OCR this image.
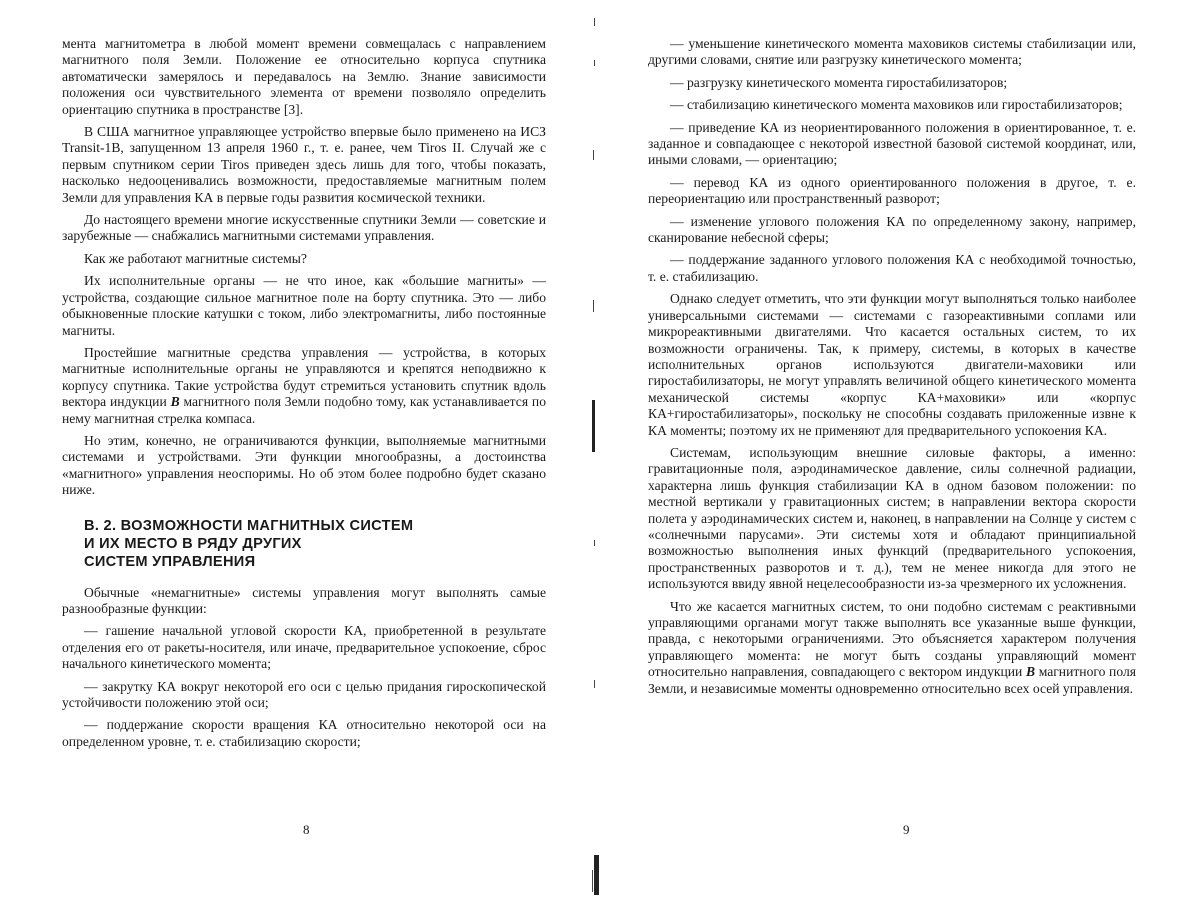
мента магнитометра в любой момент времени совмещалась с направлением магнитного поля Земли. Положение ее относительно корпуса спутника автоматически замерялось и передавалось на Землю. Знание зависимости положения оси чувствительного элемента от времени позволяло определить ориентацию спутника в пространстве [3].

В США магнитное управляющее устройство впервые было применено на ИСЗ Transit-1В, запущенном 13 апреля 1960 г., т. е. ранее, чем Tiros II. Случай же с первым спутником серии Tiros приведен здесь лишь для того, чтобы показать, насколько недооценивались возможности, предоставляемые магнитным полем Земли для управления КА в первые годы развития космической техники.

До настоящего времени многие искусственные спутники Земли — советские и зарубежные — снабжались магнитными системами управления.

Как же работают магнитные системы?

Их исполнительные органы — не что иное, как «большие магниты» — устройства, создающие сильное магнитное поле на борту спутника. Это — либо обыкновенные плоские катушки с током, либо электромагниты, либо постоянные магниты.

Простейшие магнитные средства управления — устройства, в которых магнитные исполнительные органы не управляются и крепятся неподвижно к корпусу спутника. Такие устройства будут стремиться установить спутник вдоль вектора индукции B магнитного поля Земли подобно тому, как устанавливается по нему магнитная стрелка компаса.

Но этим, конечно, не ограничиваются функции, выполняемые магнитными системами и устройствами. Эти функции многообразны, а достоинства «магнитного» управления неоспоримы. Но об этом более подробно будет сказано ниже.

В. 2. ВОЗМОЖНОСТИ МАГНИТНЫХ СИСТЕМ
И ИХ МЕСТО В РЯДУ ДРУГИХ
СИСТЕМ УПРАВЛЕНИЯ

Обычные «немагнитные» системы управления могут выполнять самые разнообразные функции:

— гашение начальной угловой скорости КА, приобретенной в результате отделения его от ракеты-носителя, или иначе, предварительное успокоение, сброс начального кинетического момента;

— закрутку КА вокруг некоторой его оси с целью придания гироскопической устойчивости положению этой оси;

— поддержание скорости вращения КА относительно некоторой оси на определенном уровне, т. е. стабилизацию скорости;

8

— уменьшение кинетического момента маховиков системы стабилизации или, другими словами, снятие или разгрузку кинетического момента;

— разгрузку кинетического момента гиростабилизаторов;

— стабилизацию кинетического момента маховиков или гиростабилизаторов;

— приведение КА из неориентированного положения в ориентированное, т. е. заданное и совпадающее с некоторой известной базовой системой координат, или, иными словами, — ориентацию;

— перевод КА из одного ориентированного положения в другое, т. е. переориентацию или пространственный разворот;

— изменение углового положения КА по определенному закону, например, сканирование небесной сферы;

— поддержание заданного углового положения КА с необходимой точностью, т. е. стабилизацию.

Однако следует отметить, что эти функции могут выполняться только наиболее универсальными системами — системами с газореактивными соплами или микрореактивными двигателями. Что касается остальных систем, то их возможности ограничены. Так, к примеру, системы, в которых в качестве исполнительных органов используются двигатели-маховики или гиростабилизаторы, не могут управлять величиной общего кинетического момента механической системы «корпус КА+маховики» или «корпус КА+гиростабилизаторы», поскольку не способны создавать приложенные извне к КА моменты; поэтому их не применяют для предварительного успокоения КА.

Системам, использующим внешние силовые факторы, а именно: гравитационные поля, аэродинамическое давление, силы солнечной радиации, характерна лишь функция стабилизации КА в одном базовом положении: по местной вертикали у гравитационных систем; в направлении вектора скорости полета у аэродинамических систем и, наконец, в направлении на Солнце у систем с «солнечными парусами». Эти системы хотя и обладают принципиальной возможностью выполнения иных функций (предварительного успокоения, пространственных разворотов и т. д.), тем не менее никогда для этого не используются ввиду явной нецелесообразности из-за чрезмерного их усложнения.

Что же касается магнитных систем, то они подобно системам с реактивными управляющими органами могут также выполнять все указанные выше функции, правда, с некоторыми ограничениями. Это объясняется характером получения управляющего момента: не могут быть созданы управляющий момент относительно направления, совпадающего с вектором индукции B магнитного поля Земли, и независимые моменты одновременно относительно всех осей управления.

9
